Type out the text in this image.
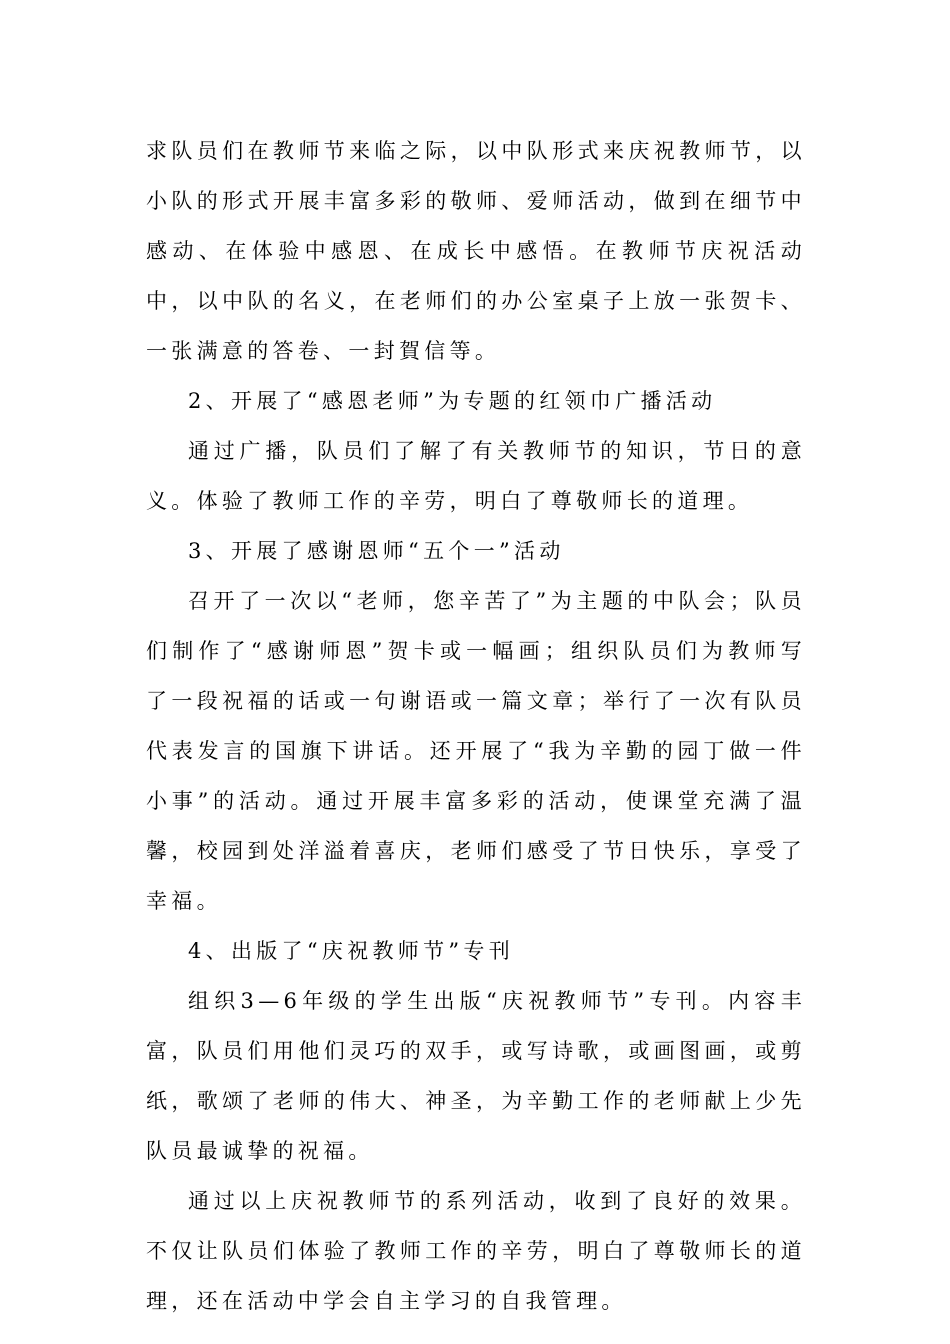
求队员们在教师节来临之际，以中队形式来庆祝教师节，以小队的形式开展丰富多彩的敬师、爱师活动，做到在细节中感动、在体验中感恩、在成长中感悟。在教师节庆祝活动中，以中队的名义，在老师们的办公室桌子上放一张贺卡、一张满意的答卷、一封賀信等。

2、开展了“感恩老师”为专题的红领巾广播活动

通过广播，队员们了解了有关教师节的知识，节日的意义。体验了教师工作的辛劳，明白了尊敬师长的道理。

3、开展了感谢恩师“五个一”活动

召开了一次以“老师，您辛苦了”为主题的中队会；队员们制作了“感谢师恩”贺卡或一幅画；组织队员们为教师写了一段祝福的话或一句谢语或一篇文章；举行了一次有队员代表发言的国旗下讲话。还开展了“我为辛勤的园丁做一件小事”的活动。通过开展丰富多彩的活动，使课堂充满了温馨，校园到处洋溢着喜庆，老师们感受了节日快乐，享受了幸福。

4、出版了“庆祝教师节”专刊

组织3—6年级的学生出版“庆祝教师节”专刊。内容丰富，队员们用他们灵巧的双手，或写诗歌，或画图画，或剪纸，歌颂了老师的伟大、神圣，为辛勤工作的老师献上少先队员最诚挚的祝福。

通过以上庆祝教师节的系列活动，收到了良好的效果。不仅让队员们体验了教师工作的辛劳，明白了尊敬师长的道理，还在活动中学会自主学习的自我管理。
